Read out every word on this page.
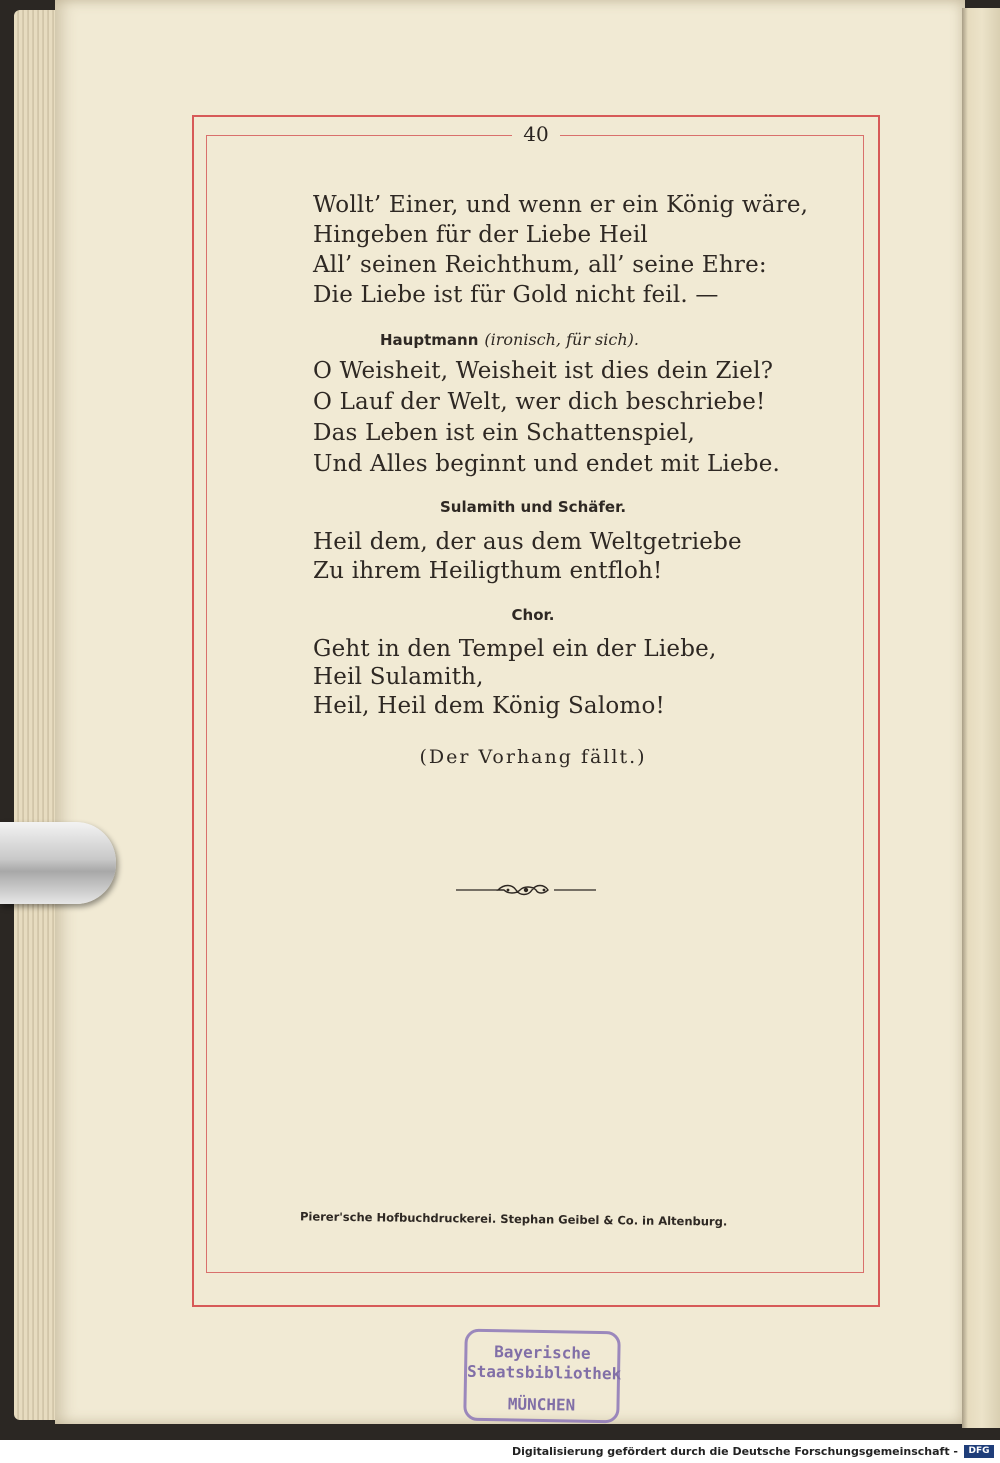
40
Wollt’ Einer, und wenn er ein König wäre,
Hingeben für der Liebe Heil
All’ seinen Reichthum, all’ seine Ehre:
Die Liebe ist für Gold nicht feil. —
Hauptmann (ironisch, für sich).
O Weisheit, Weisheit ist dies dein Ziel?
O Lauf der Welt, wer dich beschriebe!
Das Leben ist ein Schattenspiel,
Und Alles beginnt und endet mit Liebe.
Sulamith und Schäfer.
Heil dem, der aus dem Weltgetriebe
Zu ihrem Heiligthum entfloh!
Chor.
Geht in den Tempel ein der Liebe,
Heil Sulamith,
Heil, Heil dem König Salomo!
(Der Vorhang fällt.)
Pierer'sche Hofbuchdruckerei. Stephan Geibel & Co. in Altenburg.
Bayerische
Staatsbibliothek
MÜNCHEN
Digitalisierung gefördert durch die Deutsche Forschungsgemeinschaft -	DFG
